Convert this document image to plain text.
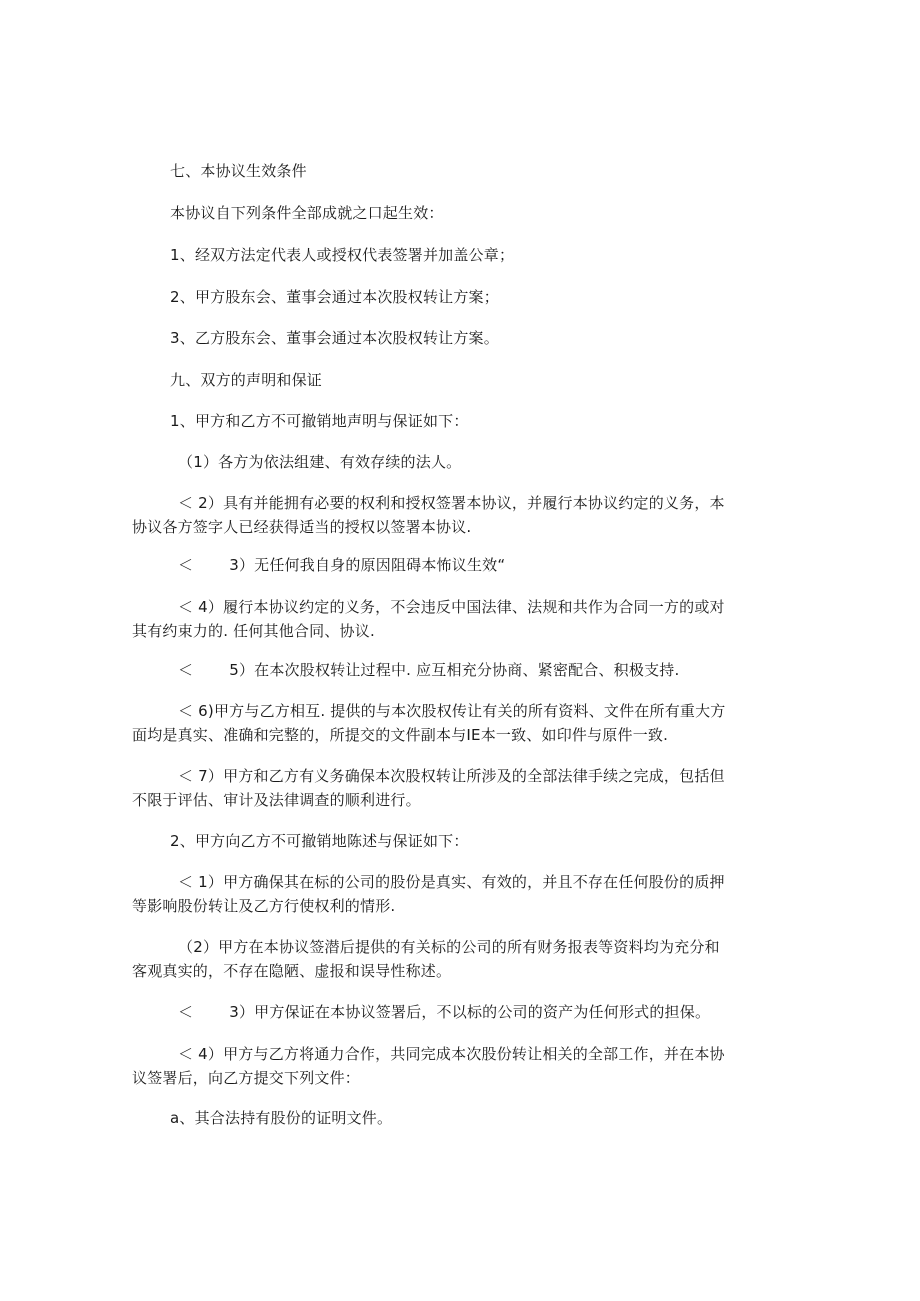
七、本协议生效条件
本协议自下列条件全部成就之口起生效：
1、经双方法定代表人或授权代表签署并加盖公章；
2、甲方股东会、董事会通过本次股权转让方案；
3、乙方股东会、董事会通过本次股权转让方案。
九、双方的声明和保证
1、甲方和乙方不可撤销地声明与保证如下：
（1）各方为依法组建、有效存续的法人。
＜ 2）具有并能拥有必要的权利和授权签署本协议，并履行本协议约定的义务，本
协议各方签字人已经获得适当的授权以签署本协议.
＜ 3）无任何我自身的原因阻碍本怖议生效“
＜ 4）履行本协议约定的义务，不会违反中国法律、法规和共作为合同一方的或对
其有约束力的. 任何其他合同、协议.
＜ 5）在本次股权转让过程中. 应互相充分协商、紧密配合、积极支持.
＜ 6)甲方与乙方相互. 提供的与本次股权传让有关的所有资料、文件在所有重大方
面均是真实、准确和完整的，所提交的文件副本与IE本一致、如印件与原件一致.
＜ 7）甲方和乙方有义务确保本次股权转让所涉及的全部法律手续之完成，包括但
不限于评估、审计及法律调查的顺利进行。
2、甲方向乙方不可撤销地陈述与保证如下：
＜ 1）甲方确保其在标的公司的股份是真实、有效的，并且不存在任何股份的质押
等影响股份转让及乙方行使权利的情形.
（2）甲方在本协议签潜后提供的有关标的公司的所有财务报表等资料均为充分和
客观真实的，不存在隐陋、虚报和误导性称述。
＜ 3）甲方保证在本协议签署后，不以标的公司的资产为任何形式的担保。
＜ 4）甲方与乙方将通力合作，共同完成本次股份转让相关的全部工作，并在本协
议签署后，向乙方提交下列文件：
a、其合法持有股份的证明文件。
